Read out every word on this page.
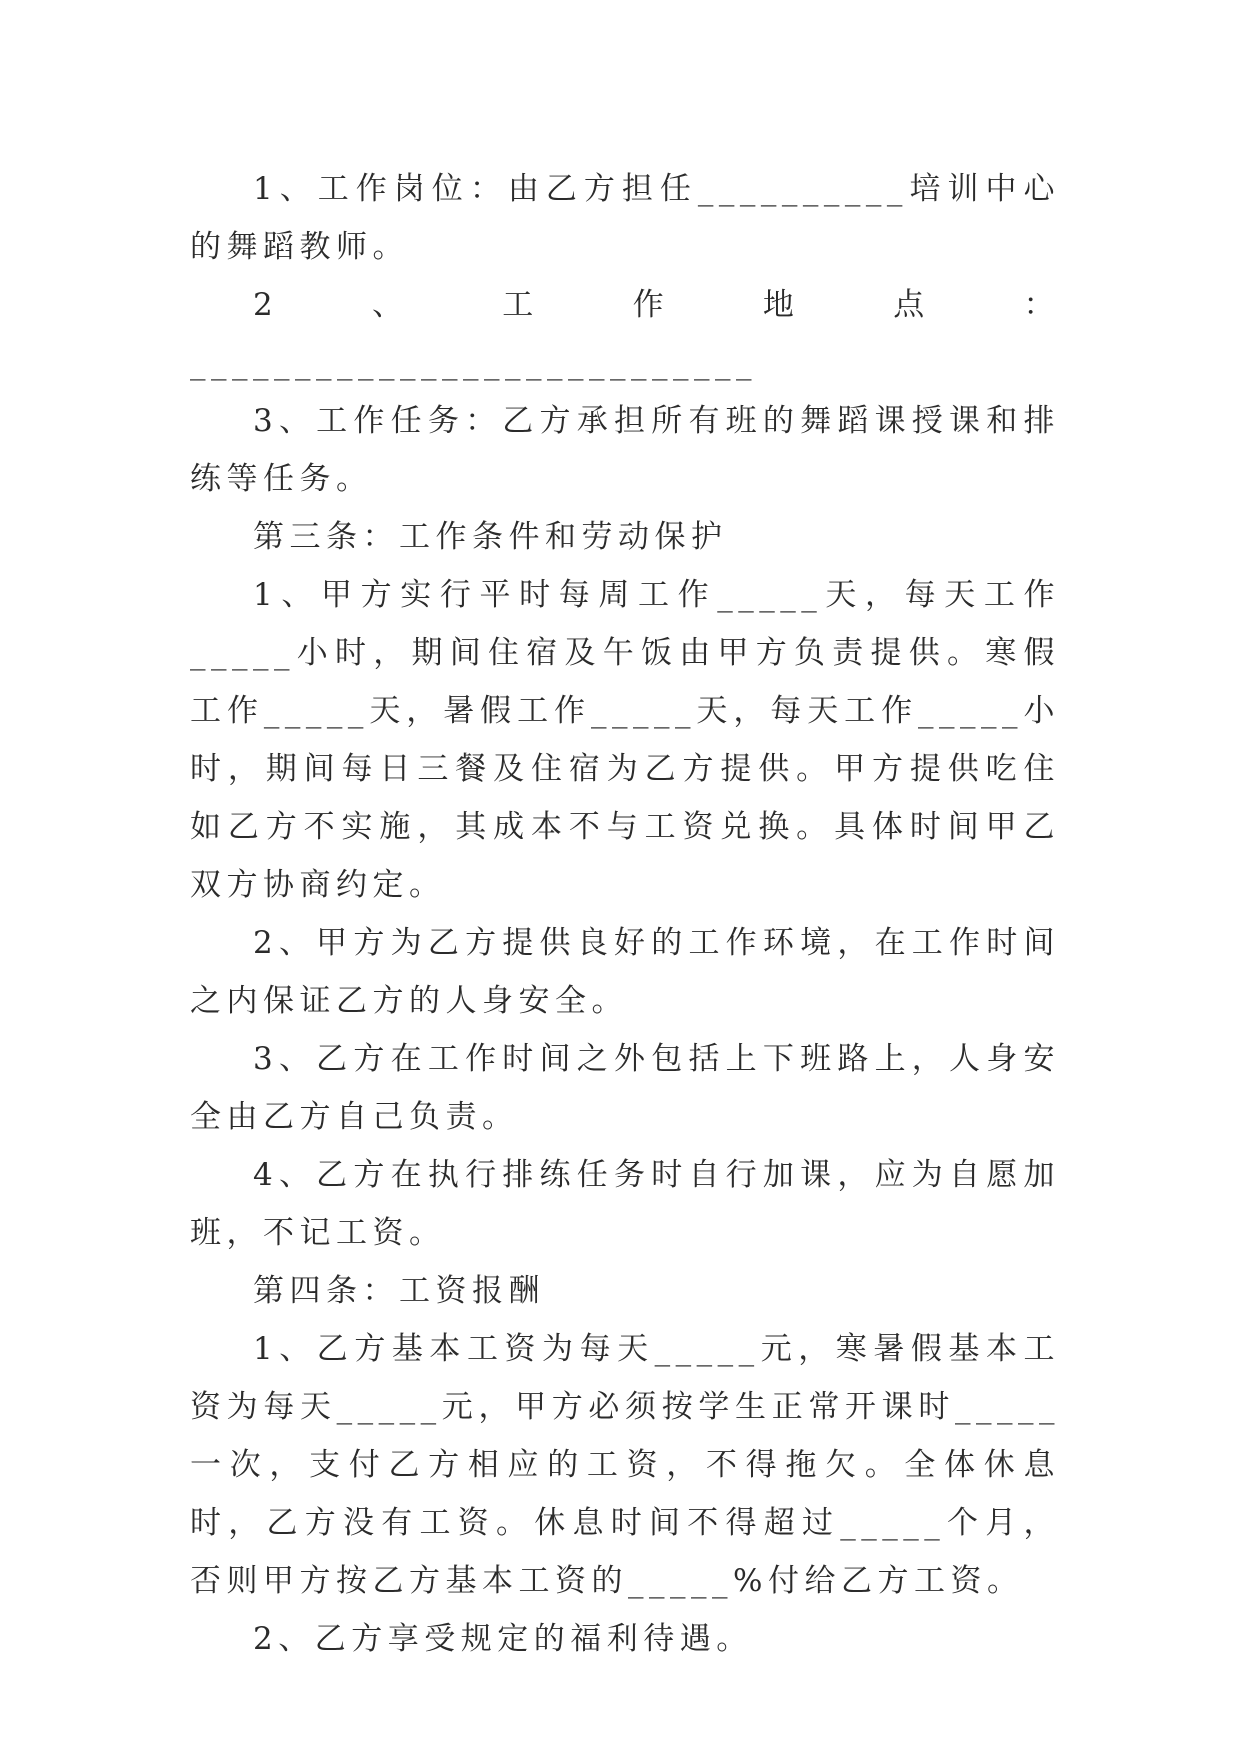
1、工作岗位：由乙方担任__________培训中心的舞蹈教师。

2、工作地点：___________________________

3、工作任务：乙方承担所有班的舞蹈课授课和排练等任务。

第三条：工作条件和劳动保护

1、甲方实行平时每周工作_____天，每天工作_____小时，期间住宿及午饭由甲方负责提供。寒假工作_____天，暑假工作_____天，每天工作_____小时，期间每日三餐及住宿为乙方提供。甲方提供吃住如乙方不实施，其成本不与工资兑换。具体时间甲乙双方协商约定。

2、甲方为乙方提供良好的工作环境，在工作时间之内保证乙方的人身安全。

3、乙方在工作时间之外包括上下班路上，人身安全由乙方自己负责。

4、乙方在执行排练任务时自行加课，应为自愿加班，不记工资。

第四条：工资报酬

1、乙方基本工资为每天_____元，寒暑假基本工资为每天_____元，甲方必须按学生正常开课时_____一次，支付乙方相应的工资，不得拖欠。全体休息时，乙方没有工资。休息时间不得超过_____个月，否则甲方按乙方基本工资的_____%付给乙方工资。

2、乙方享受规定的福利待遇。
